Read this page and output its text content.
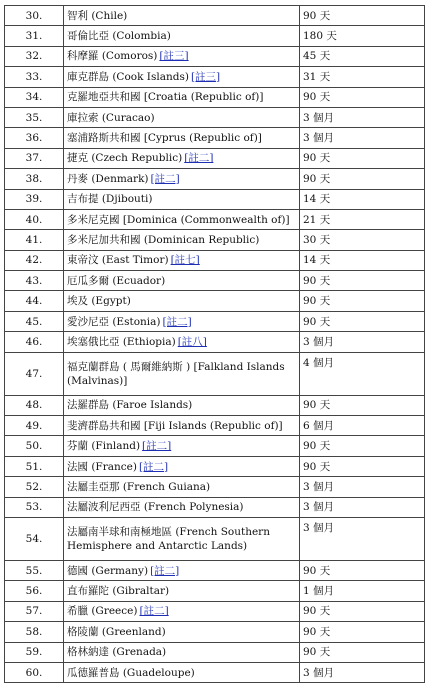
30.	智利 (Chile)	90 天
31.	哥倫比亞 (Colombia)	180 天
32.	科摩羅 (Comoros) [註三]	45 天
33.	庫克群島 (Cook Islands) [註三]	31 天
34.	克羅地亞共和國 [Croatia (Republic of)]	90 天
35.	庫拉索 (Curacao)	3 個月
36.	塞浦路斯共和國 [Cyprus (Republic of)]	3 個月
37.	捷克 (Czech Republic) [註二]	90 天
38.	丹麥 (Denmark) [註二]	90 天
39.	吉布提 (Djibouti)	14 天
40.	多米尼克國 [Dominica (Commonwealth of)]	21 天
41.	多米尼加共和國 (Dominican Republic)	30 天
42.	東帝汶 (East Timor) [註七]	14 天
43.	厄瓜多爾 (Ecuador)	90 天
44.	埃及 (Egypt)	90 天
45.	愛沙尼亞 (Estonia) [註二]	90 天
46.	埃塞俄比亞 (Ethiopia) [註八]	3 個月
47.	福克蘭群島 ( 馬爾維納斯 ) [Falkland Islands (Malvinas)]	4 個月
48.	法羅群島 (Faroe Islands)	90 天
49.	斐濟群島共和國 [Fiji Islands (Republic of)]	6 個月
50.	芬蘭 (Finland) [註二]	90 天
51.	法國 (France) [註二]	90 天
52.	法屬圭亞那 (French Guiana)	3 個月
53.	法屬波利尼西亞 (French Polynesia)	3 個月
54.	法屬南半球和南極地區 (French Southern Hemisphere and Antarctic Lands)	3 個月
55.	德國 (Germany) [註二]	90 天
56.	直布羅陀 (Gibraltar)	1 個月
57.	希臘 (Greece) [註二]	90 天
58.	格陵蘭 (Greenland)	90 天
59.	格林納達 (Grenada)	90 天
60.	瓜德羅普島 (Guadeloupe)	3 個月
